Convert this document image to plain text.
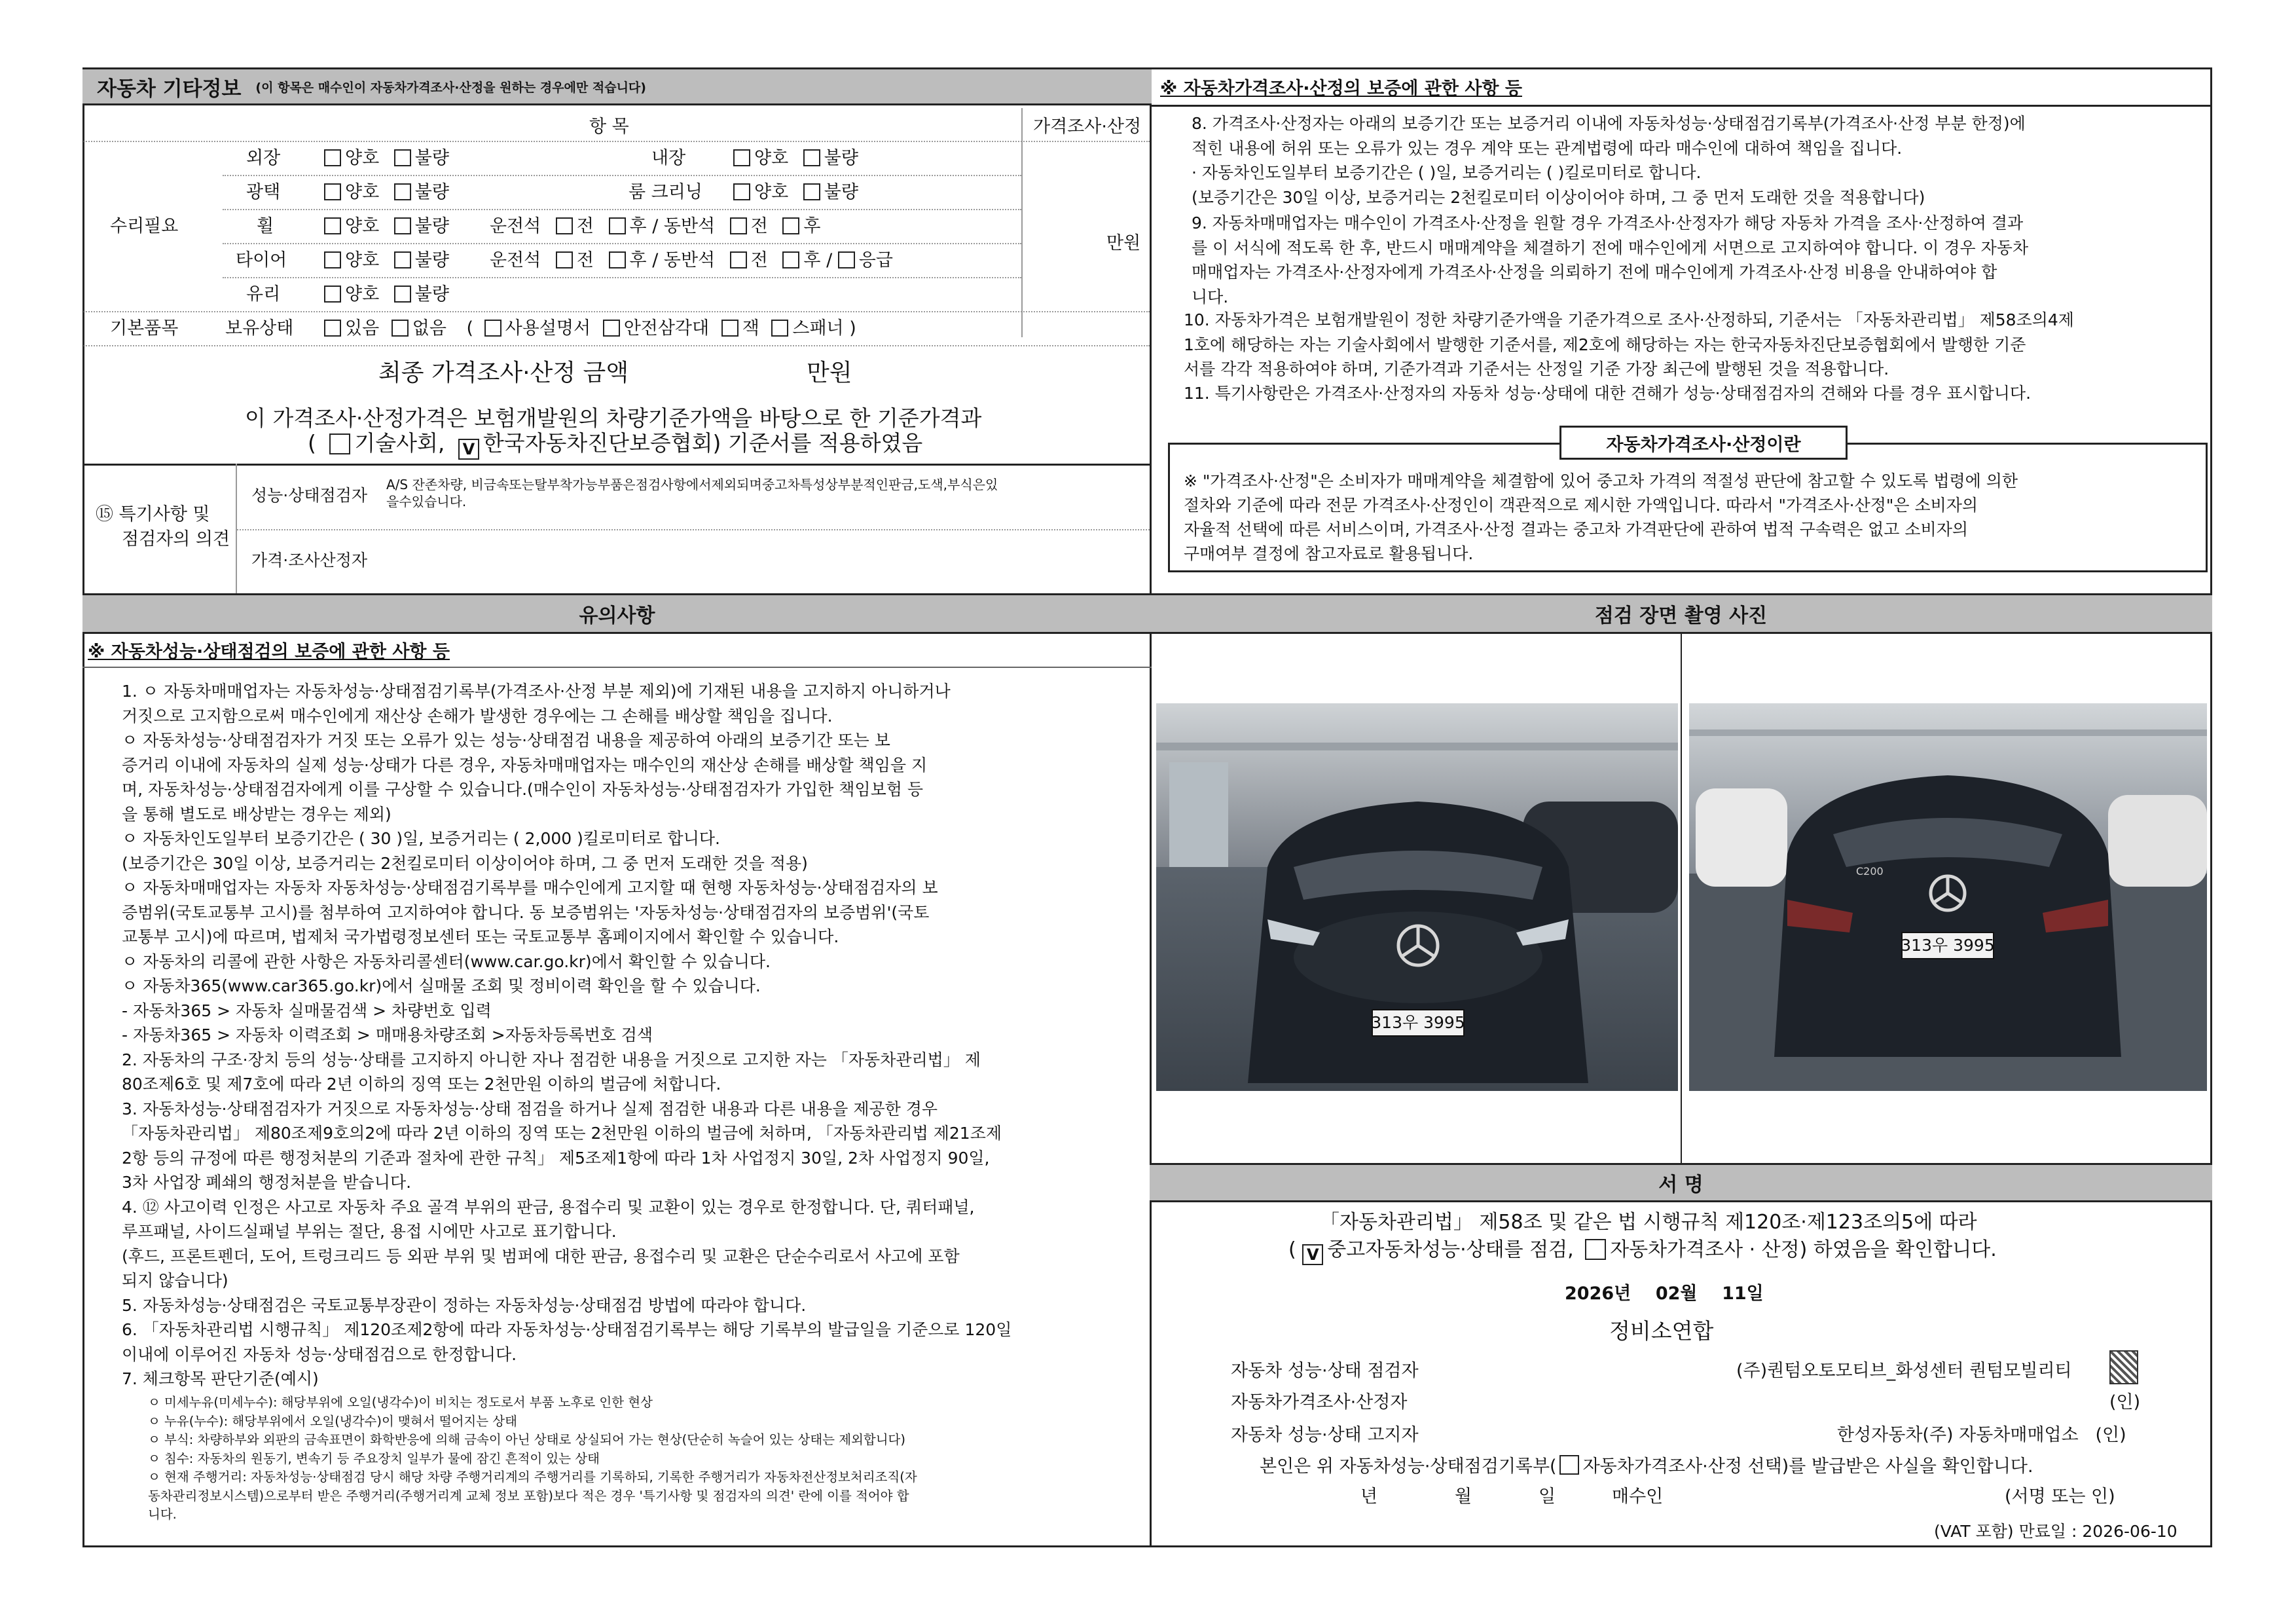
자동차 기타정보 (이 항목은 매수인이 자동차가격조사·산정을 원하는 경우에만 적습니다)
항 목	가격조사·산정
수리필요
외장	양호 불량	내장	양호 불량
광택	양호 불량	룸 크리닝	양호 불량
휠	양호 불량 운전석 전 후 / 동반석 전 후
타이어	양호 불량 운전석 전 후 / 동반석 전 후 / 응급
만원
유리	양호 불량
기본품목	보유상태	있음 없음 ( 사용설명서 안전삼각대 잭 스패너 )
최종 가격조사·산정 금액	만원
이 가격조사·산정가격은 보험개발원의 차량기준가액을 바탕으로 한 기준가격과
( 기술사회, V 한국자동차진단보증협회) 기준서를 적용하였음
⑮ 특기사항 및
점검자의 의견
성능·상태점검자
A/S 잔존차량, 비금속또는탈부착가능부품은점검사항에서제외되며중고차특성상부분적인판금,도색,부식은있
을수있습니다.
가격·조사산정자
※ 자동차가격조사·산정의 보증에 관한 사항 등
8. 가격조사·산정자는 아래의 보증기간 또는 보증거리 이내에 자동차성능·상태점검기록부(가격조사·산정 부분 한정)에
적힌 내용에 허위 또는 오류가 있는 경우 계약 또는 관계법령에 따라 매수인에 대하여 책임을 집니다.
· 자동차인도일부터 보증기간은 ( )일, 보증거리는 ( )킬로미터로 합니다.
(보증기간은 30일 이상, 보증거리는 2천킬로미터 이상이어야 하며, 그 중 먼저 도래한 것을 적용합니다)
9. 자동차매매업자는 매수인이 가격조사·산정을 원할 경우 가격조사·산정자가 해당 자동차 가격을 조사·산정하여 결과
를 이 서식에 적도록 한 후, 반드시 매매계약을 체결하기 전에 매수인에게 서면으로 고지하여야 합니다. 이 경우 자동차
매매업자는 가격조사·산정자에게 가격조사·산정을 의뢰하기 전에 매수인에게 가격조사·산정 비용을 안내하여야 합
니다.
10. 자동차가격은 보험개발원이 정한 차량기준가액을 기준가격으로 조사·산정하되, 기준서는 「자동차관리법」 제58조의4제
1호에 해당하는 자는 기술사회에서 발행한 기준서를, 제2호에 해당하는 자는 한국자동차진단보증협회에서 발행한 기준
서를 각각 적용하여야 하며, 기준가격과 기준서는 산정일 기준 가장 최근에 발행된 것을 적용합니다.
11. 특기사항란은 가격조사·산정자의 자동차 성능·상태에 대한 견해가 성능·상태점검자의 견해와 다를 경우 표시합니다.
자동차가격조사·산정이란
※ "가격조사·산정"은 소비자가 매매계약을 체결함에 있어 중고차 가격의 적절성 판단에 참고할 수 있도록 법령에 의한
절차와 기준에 따라 전문 가격조사·산정인이 객관적으로 제시한 가액입니다. 따라서 "가격조사·산정"은 소비자의
자율적 선택에 따른 서비스이며, 가격조사·산정 결과는 중고차 가격판단에 관하여 법적 구속력은 없고 소비자의
구매여부 결정에 참고자료로 활용됩니다.
유의사항	점검 장면 촬영 사진
※ 자동차성능·상태점검의 보증에 관한 사항 등
1. ㅇ 자동차매매업자는 자동차성능·상태점검기록부(가격조사·산정 부분 제외)에 기재된 내용을 고지하지 아니하거나
거짓으로 고지함으로써 매수인에게 재산상 손해가 발생한 경우에는 그 손해를 배상할 책임을 집니다.
ㅇ 자동차성능·상태점검자가 거짓 또는 오류가 있는 성능·상태점검 내용을 제공하여 아래의 보증기간 또는 보
증거리 이내에 자동차의 실제 성능·상태가 다른 경우, 자동차매매업자는 매수인의 재산상 손해를 배상할 책임을 지
며, 자동차성능·상태점검자에게 이를 구상할 수 있습니다.(매수인이 자동차성능·상태점검자가 가입한 책임보험 등
을 통해 별도로 배상받는 경우는 제외)
ㅇ 자동차인도일부터 보증기간은 ( 30 )일, 보증거리는 ( 2,000 )킬로미터로 합니다.
(보증기간은 30일 이상, 보증거리는 2천킬로미터 이상이어야 하며, 그 중 먼저 도래한 것을 적용)
ㅇ 자동차매매업자는 자동차 자동차성능·상태점검기록부를 매수인에게 고지할 때 현행 자동차성능·상태점검자의 보
증범위(국토교통부 고시)를 첨부하여 고지하여야 합니다. 동 보증범위는 '자동차성능·상태점검자의 보증범위'(국토
교통부 고시)에 따르며, 법제처 국가법령정보센터 또는 국토교통부 홈페이지에서 확인할 수 있습니다.
ㅇ 자동차의 리콜에 관한 사항은 자동차리콜센터(www.car.go.kr)에서 확인할 수 있습니다.
ㅇ 자동차365(www.car365.go.kr)에서 실매물 조회 및 정비이력 확인을 할 수 있습니다.
- 자동차365 > 자동차 실매물검색 > 차량번호 입력
- 자동차365 > 자동차 이력조회 > 매매용차량조회 >자동차등록번호 검색
2. 자동차의 구조·장치 등의 성능·상태를 고지하지 아니한 자나 점검한 내용을 거짓으로 고지한 자는 「자동차관리법」 제
80조제6호 및 제7호에 따라 2년 이하의 징역 또는 2천만원 이하의 벌금에 처합니다.
3. 자동차성능·상태점검자가 거짓으로 자동차성능·상태 점검을 하거나 실제 점검한 내용과 다른 내용을 제공한 경우
「자동차관리법」 제80조제9호의2에 따라 2년 이하의 징역 또는 2천만원 이하의 벌금에 처하며, 「자동차관리법 제21조제
2항 등의 규정에 따른 행정처분의 기준과 절차에 관한 규칙」 제5조제1항에 따라 1차 사업정지 30일, 2차 사업정지 90일,
3차 사업장 폐쇄의 행정처분을 받습니다.
4. ⑫ 사고이력 인정은 사고로 자동차 주요 골격 부위의 판금, 용접수리 및 교환이 있는 경우로 한정합니다. 단, 쿼터패널,
루프패널, 사이드실패널 부위는 절단, 용접 시에만 사고로 표기합니다.
(후드, 프론트펜더, 도어, 트렁크리드 등 외판 부위 및 범퍼에 대한 판금, 용접수리 및 교환은 단순수리로서 사고에 포함
되지 않습니다)
5. 자동차성능·상태점검은 국토교통부장관이 정하는 자동차성능·상태점검 방법에 따라야 합니다.
6. 「자동차관리법 시행규칙」 제120조제2항에 따라 자동차성능·상태점검기록부는 해당 기록부의 발급일을 기준으로 120일
이내에 이루어진 자동차 성능·상태점검으로 한정합니다.
7. 체크항목 판단기준(예시)
ㅇ 미세누유(미세누수): 해당부위에 오일(냉각수)이 비치는 정도로서 부품 노후로 인한 현상
ㅇ 누유(누수): 해당부위에서 오일(냉각수)이 맺혀서 떨어지는 상태
ㅇ 부식: 차량하부와 외판의 금속표면이 화학반응에 의해 금속이 아닌 상태로 상실되어 가는 현상(단순히 녹슬어 있는 상태는 제외합니다)
ㅇ 침수: 자동차의 원동기, 변속기 등 주요장치 일부가 물에 잠긴 흔적이 있는 상태
ㅇ 현재 주행거리: 자동차성능·상태점검 당시 해당 차량 주행거리계의 주행거리를 기록하되, 기록한 주행거리가 자동차전산정보처리조직(자
동차관리정보시스템)으로부터 받은 주행거리(주행거리계 교체 정보 포함)보다 적은 경우 '특기사항 및 점검자의 의견' 란에 이를 적어야 합
니다.
313우 3995
C200
313우 3995
서 명
「자동차관리법」 제58조 및 같은 법 시행규칙 제120조·제123조의5에 따라
( V 중고자동차성능·상태를 점검, 자동차가격조사 · 산정) 하였음을 확인합니다.
2026년    02월    11일
정비소연합
자동차 성능·상태 점검자	(주)퀀텀오토모티브_화성센터 퀀텀모빌리티
자동차가격조사·산정자	(인)
자동차 성능·상태 고지자	한성자동차(주) 자동차매매업소   (인)
본인은 위 자동차성능·상태점검기록부( 자동차가격조사·산정 선택)를 발급받은 사실을 확인합니다.
년	월	일	매수인	(서명 또는 인)
(VAT 포함) 만료일 : 2026-06-10
